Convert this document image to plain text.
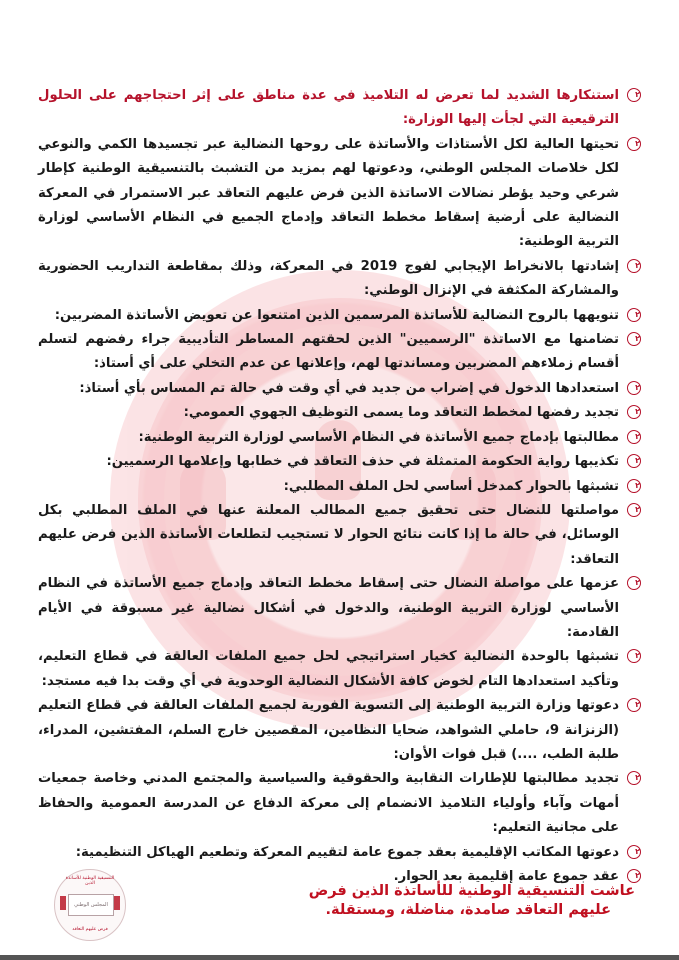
٢
استنكارها الشديد لما تعرض له التلاميذ في عدة مناطق على إثر احتجاجهم على الحلول الترقيعية التي لجأت إليها الوزارة:
٢
تحيتها العالية لكل الأستاذات والأساتذة على روحها النضالية عبر تجسيدها الكمي والنوعي لكل خلاصات المجلس الوطني، ودعوتها لهم بمزيد من التشبث بالتنسيقية الوطنية كإطار شرعي وحيد يؤطر نضالات الاساتذة الذين فرض عليهم التعاقد عبر الاستمرار في المعركة النضالية على أرضية إسقاط مخطط التعاقد وإدماج الجميع في النظام الأساسي لوزارة التربية الوطنية:
٢
إشادتها بالانخراط الإيجابي لفوج 2019 في المعركة، وذلك بمقاطعة التداريب الحضورية والمشاركة المكثفة في الإنزال الوطني:
٢
تنويهها بالروح النضالية للأساتذة المرسمين الذين امتنعوا عن تعويض الأساتذة المضربين:
٢
تضامنها مع الاساتذة "الرسميين" الذين لحقتهم المساطر التأديبية جراء رفضهم لتسلم أقسام زملاءهم المضربين ومساندتها لهم، وإعلانها عن عدم التخلي على أي أستاذ:
٢
استعدادها الدخول في إضراب من جديد في أي وقت في حالة تم المساس بأي أستاذ:
٢
تجديد رفضها لمخطط التعاقد وما يسمى التوظيف الجهوي العمومي:
٢
مطالبتها بإدماج جميع الأساتذة في النظام الأساسي لوزارة التربية الوطنية:
٢
تكذيبها رواية الحكومة المتمثلة في حذف التعاقد في خطابها وإعلامها الرسميين:
٢
تشبثها بالحوار كمدخل أساسي لحل الملف المطلبي:
٢
مواصلتها للنضال حتى تحقيق جميع المطالب المعلنة عنها في الملف المطلبي بكل الوسائل، في حالة ما إذا كانت نتائج الحوار لا تستجيب لتطلعات الأساتذة الذين فرض عليهم التعاقد:
٢
عزمها على مواصلة النضال حتى إسقاط مخطط التعاقد وإدماج جميع الأساتذة في النظام الأساسي لوزارة التربية الوطنية، والدخول في أشكال نضالية غير مسبوقة في الأيام القادمة:
٢
تشبثها بالوحدة النضالية كخيار استراتيجي لحل جميع الملفات العالقة في قطاع التعليم، وتأكيد استعدادها التام لخوض كافة الأشكال النضالية الوحدوية في أي وقت بدا فيه مستجد:
٢
دعوتها وزارة التربية الوطنية إلى التسوية الفورية لجميع الملفات العالقة في قطاع التعليم (الزنزانة 9، حاملي الشواهد، ضحايا النظامين، المقصيين خارج السلم، المفتشين، المدراء، طلبة الطب، ....) قبل فوات الأوان:
٢
تجديد مطالبتها للإطارات النقابية والحقوقية والسياسية والمجتمع المدني وخاصة جمعيات أمهات وآباء وأولياء التلاميذ الانضمام إلى معركة الدفاع عن المدرسة العمومية والحفاظ على مجانية التعليم:
٢
دعوتها المكاتب الإقليمية بعقد جموع عامة لتقييم المعركة وتطعيم الهياكل التنظيمية:
٢
عقد جموع عامة إقليمية بعد الحوار.
التنسيقية الوطنية للأساتذة الذين
المجلس الوطني
فرض عليهم التعاقد
عاشت التنسيقية الوطنية للأساتذة الذين فرض
عليهم التعاقد صامدة، مناضلة، ومستقلة.
